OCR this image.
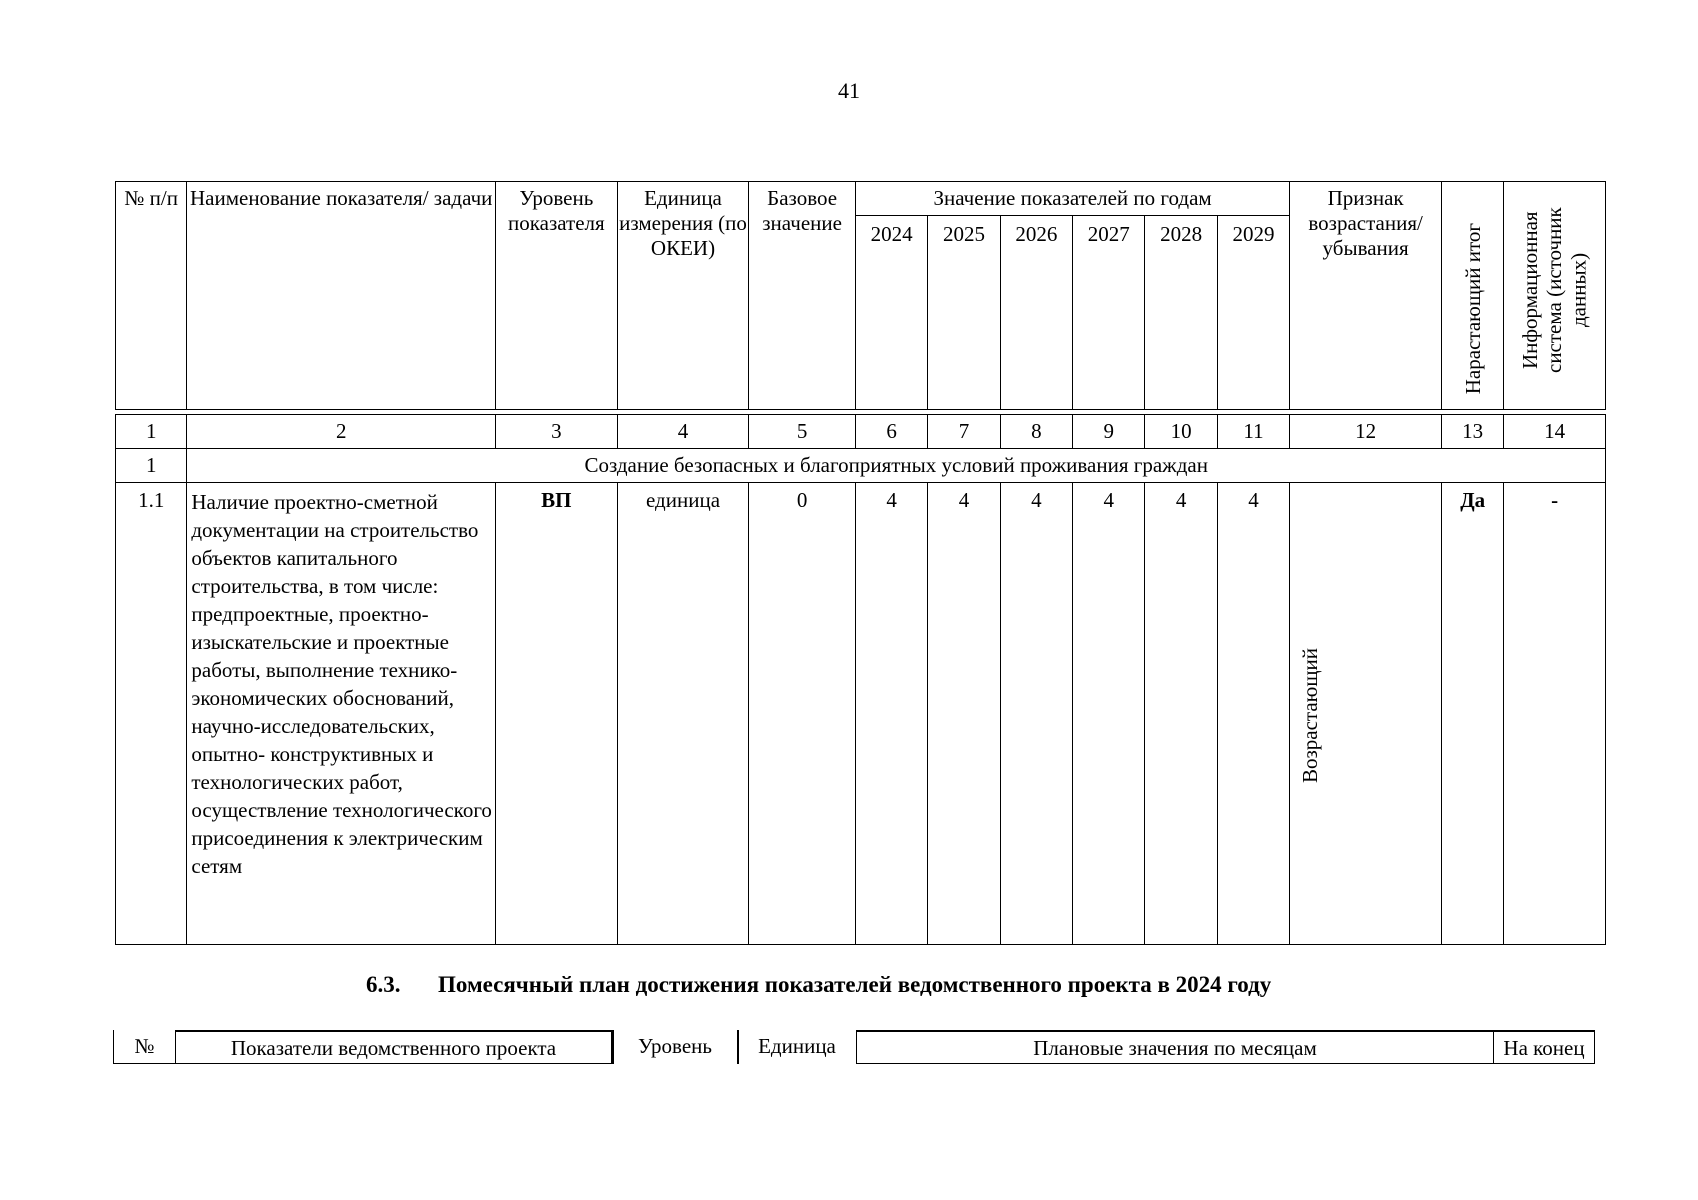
41
№ п/п	Наименование показателя/ задачи	Уровень показателя	Единица измерения (по ОКЕИ)	Базовое значение	Значение показателей по годам						Признак возрастания/ убывания	Нарастающий итог	Информационная система (источник данных)

					2024	2025	2026	2027	2028	2029			
1	2	3	4	5	6	7	8	9	10	11	12	13	14
1	Создание безопасных и благоприятных условий проживания граждан												
1.1	Наличие проектно-сметной документации на строительство объектов капитального строительства, в том числе: предпроектные, проектно-изыскательские и проектные работы, выполнение технико-экономических обоснований, научно-исследовательских, опытно- конструктивных и технологических работ, осуществление технологического присоединения к электрическим сетям	ВП	единица	0	4	4	4	4	4	4	Возрастающий	Да	-
6.3. Помесячный план достижения показателей ведомственного проекта в 2024 году
№	Показатели ведомственного проекта	Уровень	Единица	Плановые значения по месяцам	На конец
